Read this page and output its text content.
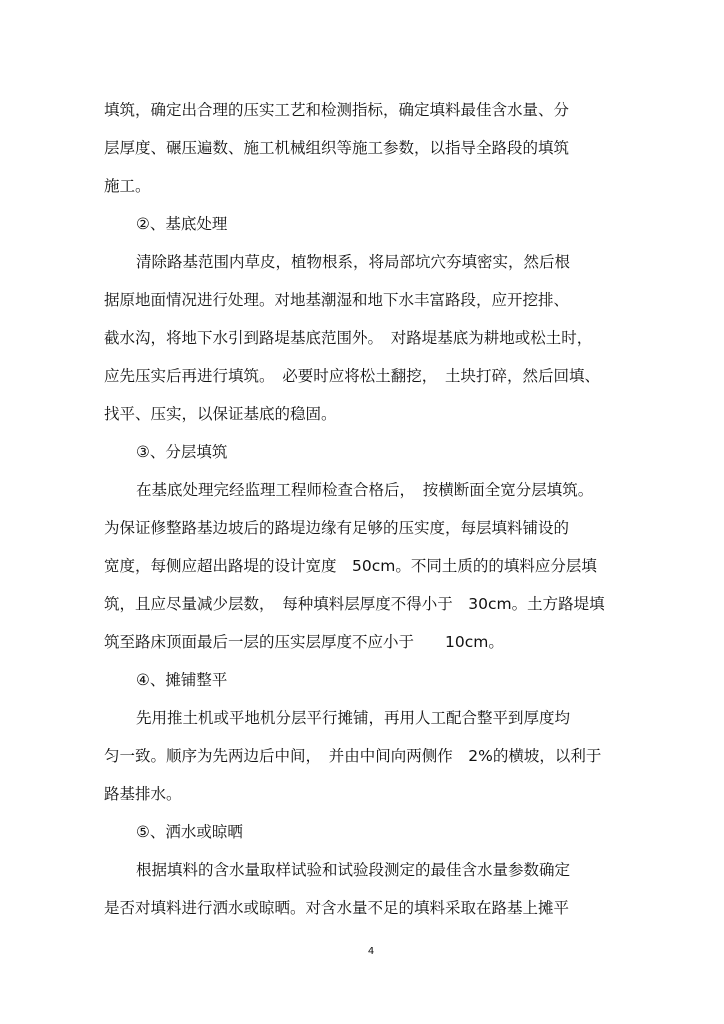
填筑，确定出合理的压实工艺和检测指标，确定填料最佳含水量、分
层厚度、碾压遍数、施工机械组织等施工参数，以指导全路段的填筑
施工。
②、基底处理
清除路基范围内草皮，植物根系，将局部坑穴夯填密实，然后根
据原地面情况进行处理。对地基潮湿和地下水丰富路段，应开挖排、
截水沟，将地下水引到路堤基底范围外。　对路堤基底为耕地或松土时，
应先压实后再进行填筑。　必要时应将松土翻挖，　土块打碎，然后回填、
找平、压实，以保证基底的稳固。
③、分层填筑
在基底处理完经监理工程师检查合格后，　按横断面全宽分层填筑。
为保证修整路基边坡后的路堤边缘有足够的压实度，每层填料铺设的
宽度，每侧应超出路堤的设计宽度　50cm。不同土质的的填料应分层填
筑，且应尽量减少层数，　每种填料层厚度不得小于　30cm。土方路堤填
筑至路床顶面最后一层的压实层厚度不应小于　　10cm。
④、摊铺整平
先用推土机或平地机分层平行摊铺，再用人工配合整平到厚度均
匀一致。顺序为先两边后中间，　并由中间向两侧作　2%的横坡，以利于
路基排水。
⑤、洒水或晾晒
根据填料的含水量取样试验和试验段测定的最佳含水量参数确定
是否对填料进行洒水或晾晒。对含水量不足的填料采取在路基上摊平
4
